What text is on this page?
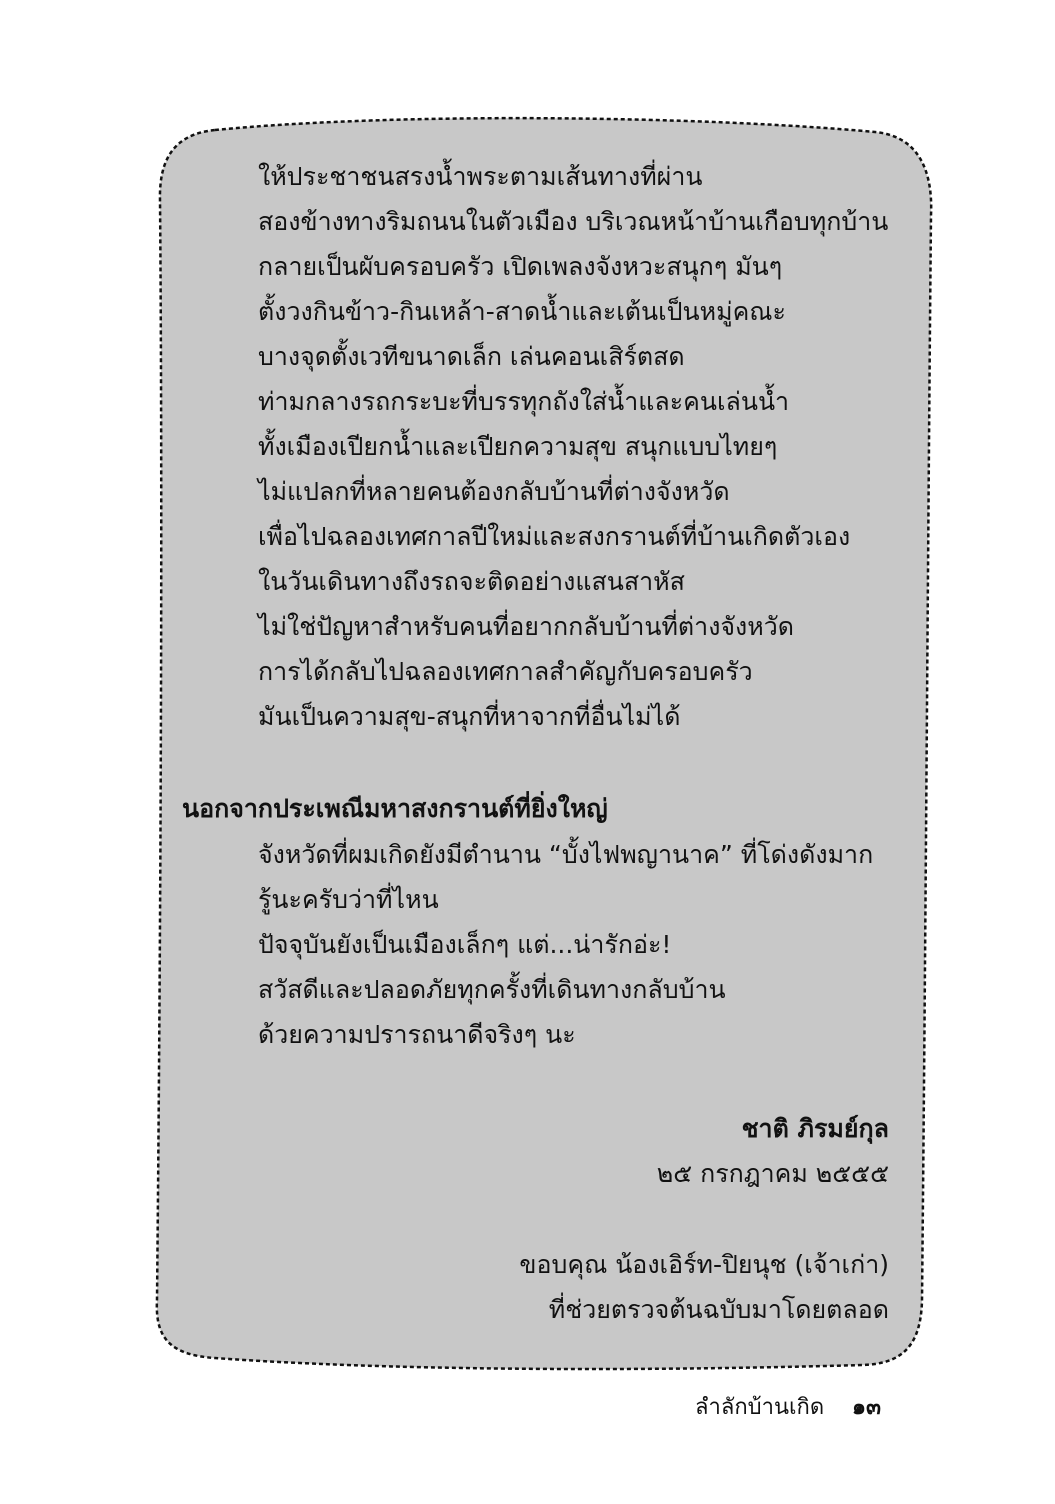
ให้ประชาชนสรงน้ำพระตามเส้นทางที่ผ่าน
สองข้างทางริมถนนในตัวเมือง บริเวณหน้าบ้านเกือบทุกบ้าน
กลายเป็นผับครอบครัว เปิดเพลงจังหวะสนุกๆ มันๆ
ตั้งวงกินข้าว-กินเหล้า-สาดน้ำและเต้นเป็นหมู่คณะ
บางจุดตั้งเวทีขนาดเล็ก เล่นคอนเสิร์ตสด
ท่ามกลางรถกระบะที่บรรทุกถังใส่น้ำและคนเล่นน้ำ
ทั้งเมืองเปียกน้ำและเปียกความสุข สนุกแบบไทยๆ
ไม่แปลกที่หลายคนต้องกลับบ้านที่ต่างจังหวัด
เพื่อไปฉลองเทศกาลปีใหม่และสงกรานต์ที่บ้านเกิดตัวเอง
ในวันเดินทางถึงรถจะติดอย่างแสนสาหัส
ไม่ใช่ปัญหาสำหรับคนที่อยากกลับบ้านที่ต่างจังหวัด
การได้กลับไปฉลองเทศกาลสำคัญกับครอบครัว
มันเป็นความสุข-สนุกที่หาจากที่อื่นไม่ได้
นอกจากประเพณีมหาสงกรานต์ที่ยิ่งใหญ่
จังหวัดที่ผมเกิดยังมีตำนาน “บั้งไฟพญานาค” ที่โด่งดังมาก
รู้นะครับว่าที่ไหน
ปัจจุบันยังเป็นเมืองเล็กๆ แต่...น่ารักอ่ะ!
สวัสดีและปลอดภัยทุกครั้งที่เดินทางกลับบ้าน
ด้วยความปรารถนาดีจริงๆ นะ
ชาติ ภิรมย์กุล
๒๕ กรกฎาคม ๒๕๕๕
ขอบคุณ น้องเอิร์ท-ปิยนุช (เจ้าเก่า)
ที่ช่วยตรวจต้นฉบับมาโดยตลอด
ลำลักบ้านเกิด ๑๓
